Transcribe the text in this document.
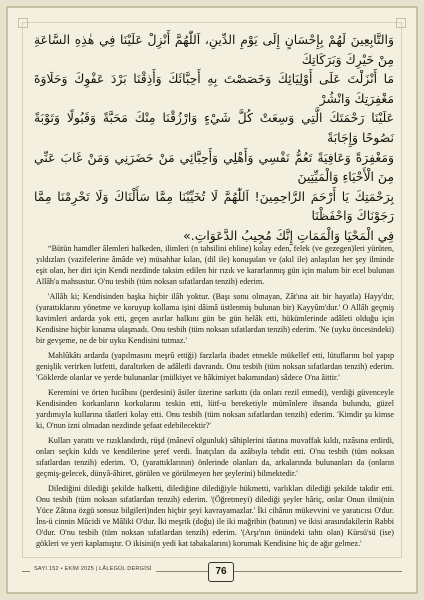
وَالتَّابِعِينَ لَهُمْ بِإِحْسَانٍ إِلَى يَوْمِ الدِّينِ، اَللّٰهُمَّ أَنْزِلْ عَلَيْنَا فِي هٰذِهِ السَّاعَةِ مِنْ خَيْرِكَ وَبَرَكَاتِكَ

مَا أَنْزَلْتَ عَلَى أَوْلِيَائِكَ وَخَصَصْتَ بِهِ أَحِبَّائَكَ وَأَذِقْنَا بَرْدَ عَفْوِكَ وَحَلَاوَةَ مَغْفِرَتِكَ وَانْشُرْ

عَلَيْنَا رَحْمَتَكَ الَّتِي وَسِعَتْ كُلَّ شَيْءٍ وَارْزُقْنَا مِنْكَ مَحَبَّةً وَقَبُولًا وَتَوْبَةً نَصُوحًا وَإِجَابَةً

وَمَغْفِرَةً وَعَافِيَةً تَعُمُّ نَفْسِي وَأَهْلِي وَأَحِبَّائِي مَنْ حَضَرَنِي وَمَنْ غَابَ عَنِّي مِنَ الْأَحْيَاءِ وَالْمَيِّتِينَ

بِرَحْمَتِكَ يَا أَرْحَمَ الرَّاحِمِينَ! اَللّٰهُمَّ لَا تُخَيِّبْنَا مِمَّا سَأَلْنَاكَ وَلَا تَحْرِمْنَا مِمَّا رَجَوْنَاكَ وَاحْفَظْنَا

فِي الْمَحْيَا وَالْمَمَاتِ إِنَّكَ مُجِيبُ الدَّعَوَاتِ.»

“Bütün hamdler âlemleri halkeden, ilimleri (n tahsilini ehline) kolay eden, felek (ve gezegen)leri yürüten, yıldızları (vazifelerine âmâde ve) müsahhar kılan, (dil ile) konuşulan ve (akıl ile) anlaşılan her şey ilminde eşit olan, her diri için Kendi nezdinde taksim edilen bir rızık ve kararlanmış gün için malum bir ecel bulunan Allâh'a mahsustur. O'nu tesbih (tüm noksan sıfatlardan tenzih) ederim.

'Allâh ki; Kendisinden başka hiçbir ilâh yoktur. (Başı sonu olmayan, Zât'ına ait bir hayatla) Hayy'dır, (yarattıklarını yönetme ve koruyup kollama işini dâimâ üstlenmiş bulunan bir) Kayyûm'dur.' O Allâh geçmiş kavimleri ardarda yok etti, geçen asırlar halkını gün be gün helâk etti, hükümlerinde adâleti olduğu için Kendisine hiçbir kınama ulaşmadı. Onu tesbih (tüm noksan sıfatlardan tenzih) ederim. 'Ne (uyku öncesindeki) bir gevşeme, ne de bir uyku Kendisini tutmaz.'

Mahlûkâtı ardarda (yapılmasını meşrû ettiği) farzlarla ibadet etmekle mükellef etti, lütuflarını bol yapıp genişlik verirken lutfetti, daraltırken de adâletli davrandı. Onu tesbih (tüm noksan sıfatlardan tenzih) ederim. 'Göklerde olanlar ve yerde bulunanlar (mülkiyet ve hâkimiyet bakımından) sâdece O'na âittir.'

Keremini ve örten hıcâbını (perdesini) âsiler üzerine sarkıttı (da onları rezil etmedi), verdiği güvenceyle Kendisinden korkanların korkularını teskin etti, lütf-u bereketiyle mümînlere ihsanda bulundu, güzel yardımıyla kullarına tâatleri kolay etti. Onu tesbih (tüm noksan sıfatlardan tenzih) ederim. 'Kimdir şu kimse ki, O'nun izni olmadan nezdinde şefaat edebilecektir?'

Kulları yarattı ve rızıklandırdı, rüşd (mânevî olgunluk) sâhiplerini tâatına muvaffak kıldı, rızâsına erdirdi, onları seçkin kıldı ve kendilerine şeref verdi. İnatçıları da azâbıyla tehdit etti. O'nu tesbih (tüm noksan sıfatlardan tenzih) ederim. 'O, (yarattıklarının) önlerinde olanları da, arkalarında bulunanları da (onların geçmiş-gelecek, dünyâ-âhiret, görülen ve görülmeyen her şeylerini) bilmektedir.'

Dilediğini dilediği şekilde halketti, dilediğine dilediğiyle hükmetti, varlıkları dilediği şekilde takdir etti. Onu tesbih (tüm noksan sıfatlardan tenzih) ederim. '(Öğretmeyi) dilediği şeyler hâriç, onlar Onun ilmi(nin Yüce Zâtına özgü sonsuz bilgileri)nden hiçbir şeyi kavrayamazlar.' İki cihânın mükevvini ve yaratıcısı O'dur. İns-ü cinnin Mûcidi ve Mâliki O'dur. İki meşrik (doğu) ile iki mağribin (batının) ve ikisi arasındakilerin Rabbi O'dur. O'nu tesbih (tüm noksan sıfatlardan tenzih) ederim. '(Arşı'nın önündeki tahtı olan) Kürsü'sü (ise) gökleri ve yeri kaplamıştır. O ikisini(n yedi kat tabakalarını) korumak Kendisine hiç de ağır gelmez.'

SAYI 152 • EKİM 2025 | LÂLEGÜL DERGİSİ	76
